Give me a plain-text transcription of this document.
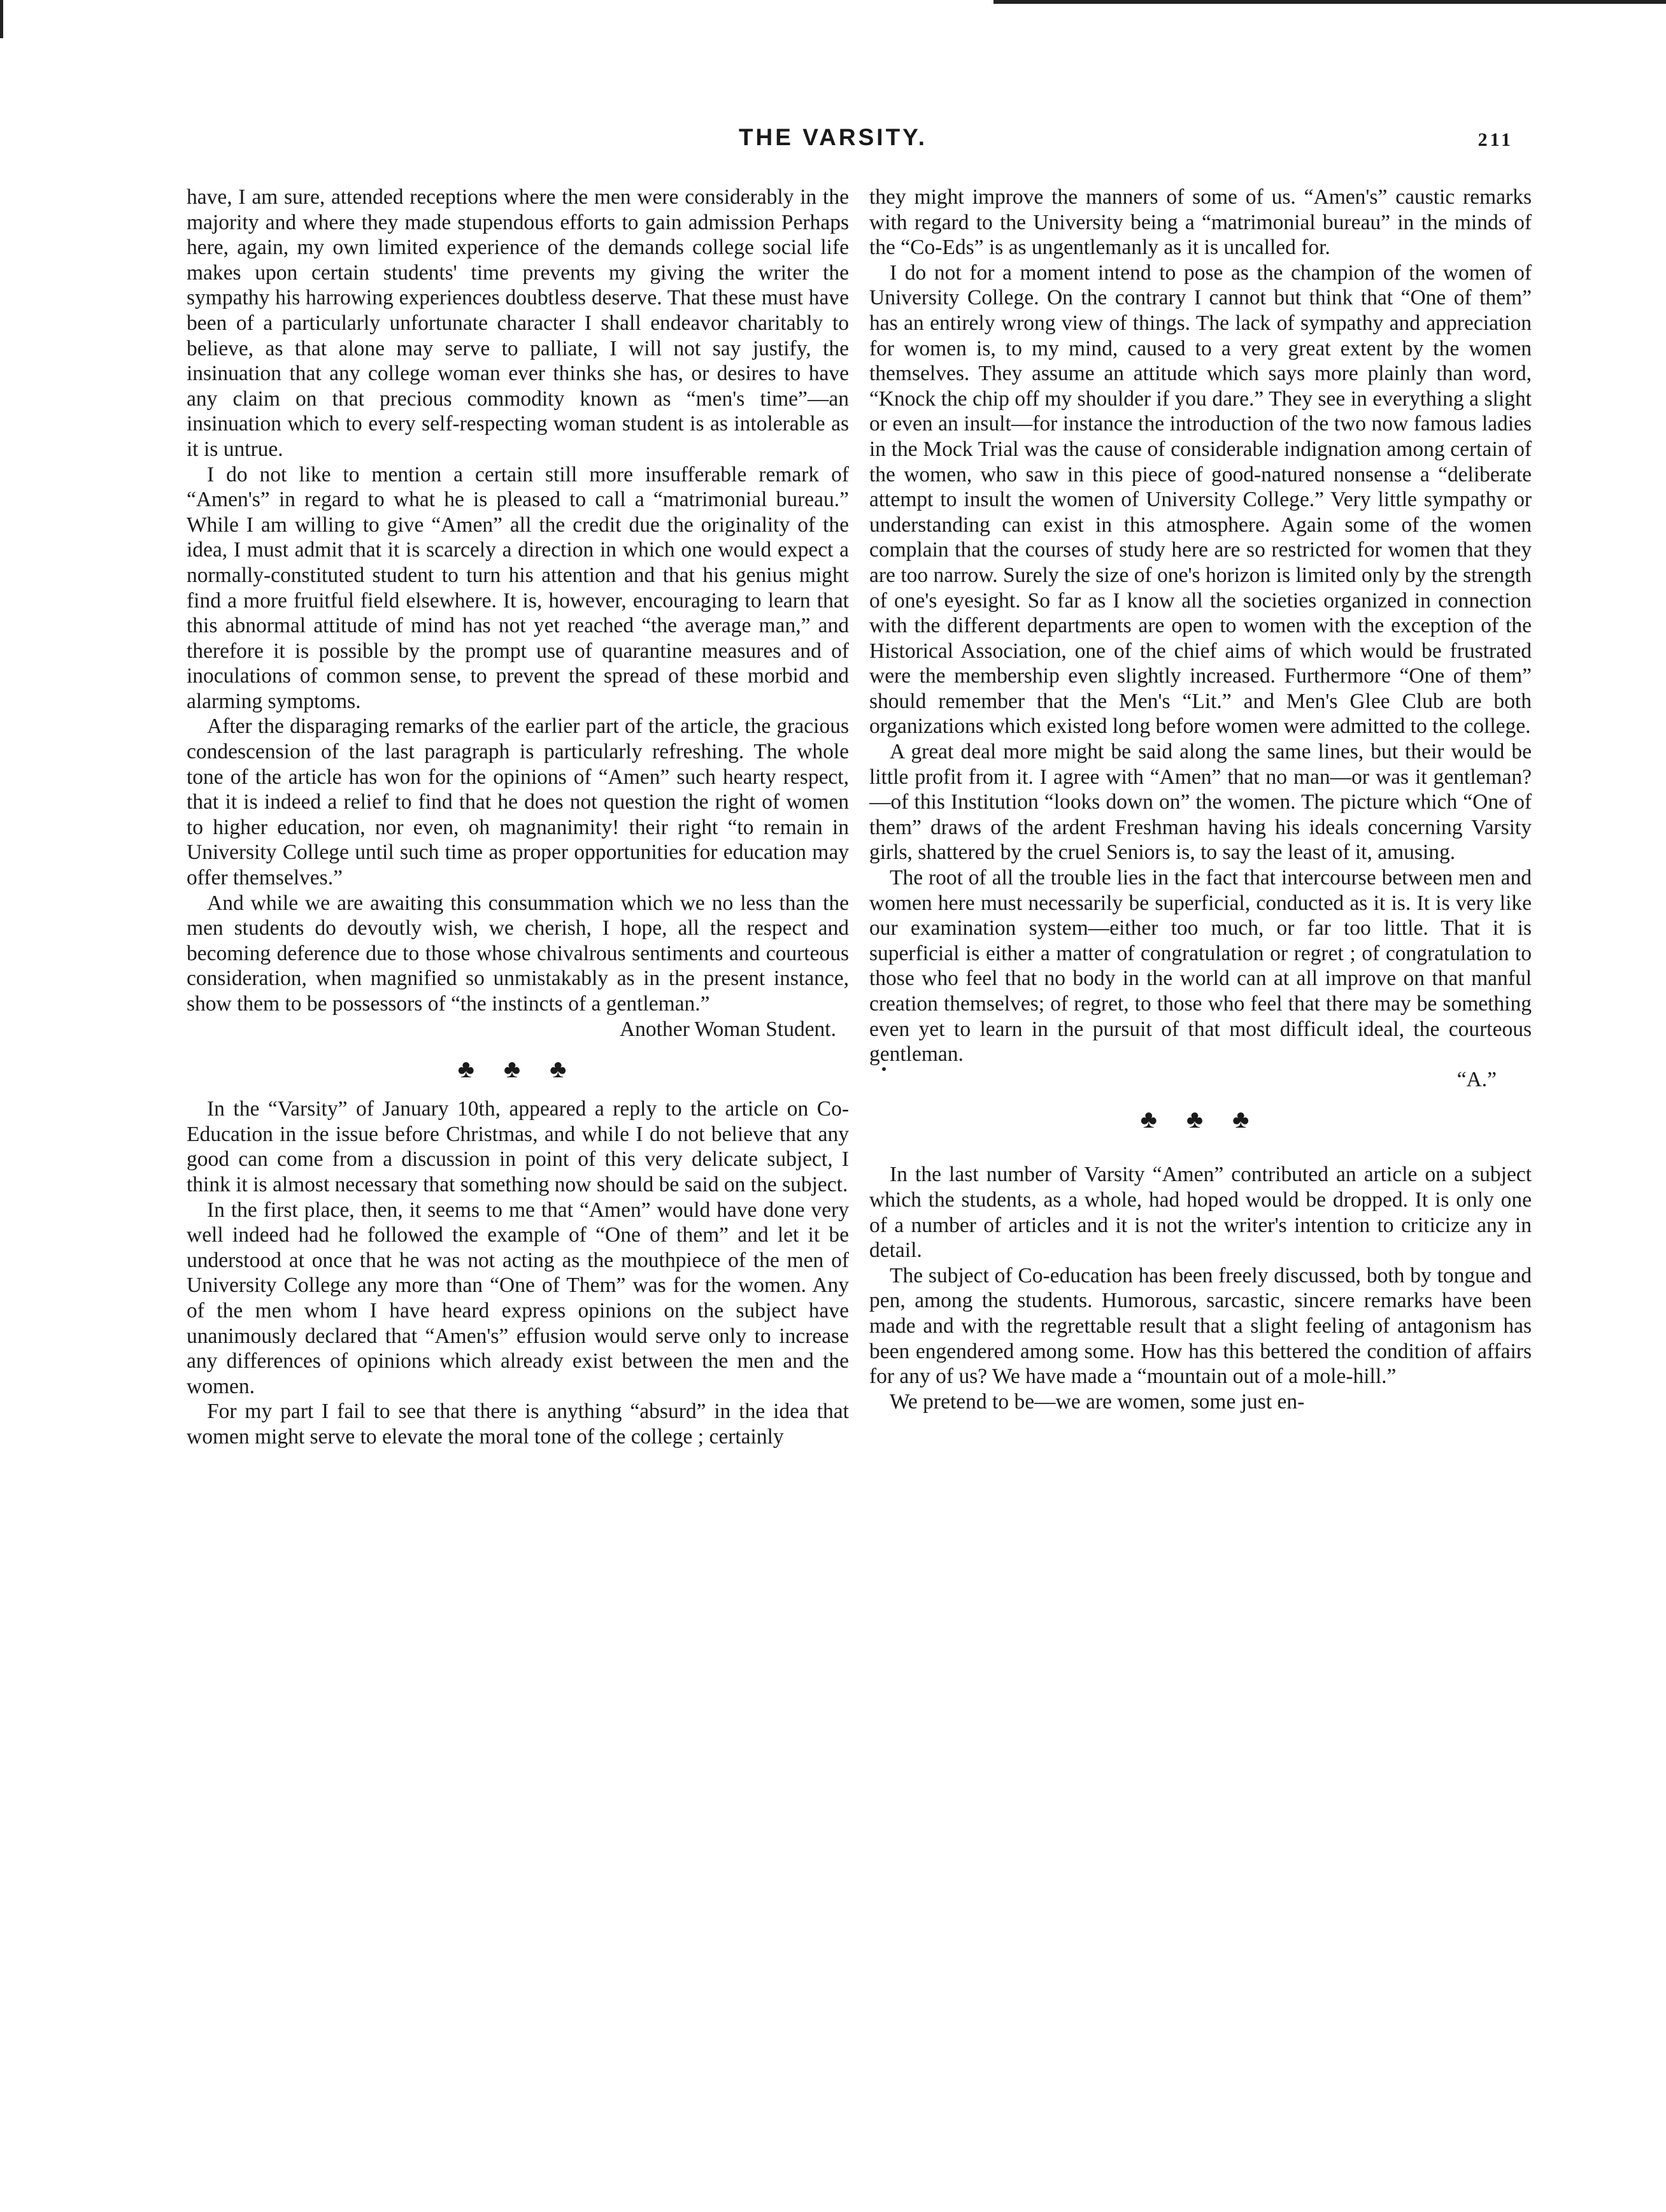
THE VARSITY.	211

have, I am sure, attended receptions where the men were considerably in the majority and where they made stupendous efforts to gain admission Perhaps here, again, my own limited experience of the demands college social life makes upon certain students' time prevents my giving the writer the sympathy his harrowing experiences doubtless deserve. That these must have been of a particularly unfortunate character I shall endeavor charitably to believe, as that alone may serve to palliate, I will not say justify, the insinuation that any college woman ever thinks she has, or desires to have any claim on that precious commodity known as “men's time”—an insinuation which to every self-respecting woman student is as intolerable as it is untrue.

I do not like to mention a certain still more insufferable remark of “Amen's” in regard to what he is pleased to call a “matrimonial bureau.” While I am willing to give “Amen” all the credit due the originality of the idea, I must admit that it is scarcely a direction in which one would expect a normally-constituted student to turn his attention and that his genius might find a more fruitful field elsewhere. It is, however, encouraging to learn that this abnormal attitude of mind has not yet reached “the average man,” and therefore it is possible by the prompt use of quarantine measures and of inoculations of common sense, to prevent the spread of these morbid and alarming symptoms.

After the disparaging remarks of the earlier part of the article, the gracious condescension of the last paragraph is particularly refreshing. The whole tone of the article has won for the opinions of “Amen” such hearty respect, that it is indeed a relief to find that he does not question the right of women to higher education, nor even, oh magnanimity! their right “to remain in University College until such time as proper opportunities for education may offer themselves.”

And while we are awaiting this consummation which we no less than the men students do devoutly wish, we cherish, I hope, all the respect and becoming deference due to those whose chivalrous sentiments and courteous consideration, when magnified so unmistakably as in the present instance, show them to be possessors of “the instincts of a gentleman.”

Another Woman Student.

♣ ♣ ♣

In the “Varsity” of January 10th, appeared a reply to the article on Co-Education in the issue before Christmas, and while I do not believe that any good can come from a discussion in point of this very delicate subject, I think it is almost necessary that something now should be said on the subject.

In the first place, then, it seems to me that “Amen” would have done very well indeed had he followed the example of “One of them” and let it be understood at once that he was not acting as the mouthpiece of the men of University College any more than “One of Them” was for the women. Any of the men whom I have heard express opinions on the subject have unanimously declared that “Amen's” effusion would serve only to increase any differences of opinions which already exist between the men and the women.

For my part I fail to see that there is anything “absurd” in the idea that women might serve to elevate the moral tone of the college ; certainly

they might improve the manners of some of us. “Amen's” caustic remarks with regard to the University being a “matrimonial bureau” in the minds of the “Co-Eds” is as ungentlemanly as it is uncalled for.

I do not for a moment intend to pose as the champion of the women of University College. On the contrary I cannot but think that “One of them” has an entirely wrong view of things. The lack of sympathy and appreciation for women is, to my mind, caused to a very great extent by the women themselves. They assume an attitude which says more plainly than word, “Knock the chip off my shoulder if you dare.” They see in everything a slight or even an insult—for instance the introduction of the two now famous ladies in the Mock Trial was the cause of considerable indignation among certain of the women, who saw in this piece of good-natured nonsense a “deliberate attempt to insult the women of University College.” Very little sympathy or understanding can exist in this atmosphere. Again some of the women complain that the courses of study here are so restricted for women that they are too narrow. Surely the size of one's horizon is limited only by the strength of one's eyesight. So far as I know all the societies organized in connection with the different departments are open to women with the exception of the Historical Association, one of the chief aims of which would be frustrated were the membership even slightly increased. Furthermore “One of them” should remember that the Men's “Lit.” and Men's Glee Club are both organizations which existed long before women were admitted to the college.

A great deal more might be said along the same lines, but their would be little profit from it. I agree with “Amen” that no man—or was it gentleman?—of this Institution “looks down on” the women. The picture which “One of them” draws of the ardent Freshman having his ideals concerning Varsity girls, shattered by the cruel Seniors is, to say the least of it, amusing.

The root of all the trouble lies in the fact that intercourse between men and women here must necessarily be superficial, conducted as it is. It is very like our examination system—either too much, or far too little. That it is superficial is either a matter of congratulation or regret ; of congratulation to those who feel that no body in the world can at all improve on that manful creation themselves; of regret, to those who feel that there may be something even yet to learn in the pursuit of that most difficult ideal, the courteous gentleman.

“A.”

♣ ♣ ♣

In the last number of Varsity “Amen” contributed an article on a subject which the students, as a whole, had hoped would be dropped. It is only one of a number of articles and it is not the writer's intention to criticize any in detail.

The subject of Co-education has been freely discussed, both by tongue and pen, among the students. Humorous, sarcastic, sincere remarks have been made and with the regrettable result that a slight feeling of antagonism has been engendered among some. How has this bettered the condition of affairs for any of us? We have made a “mountain out of a mole-hill.”

We pretend to be—we are women, some just en-
